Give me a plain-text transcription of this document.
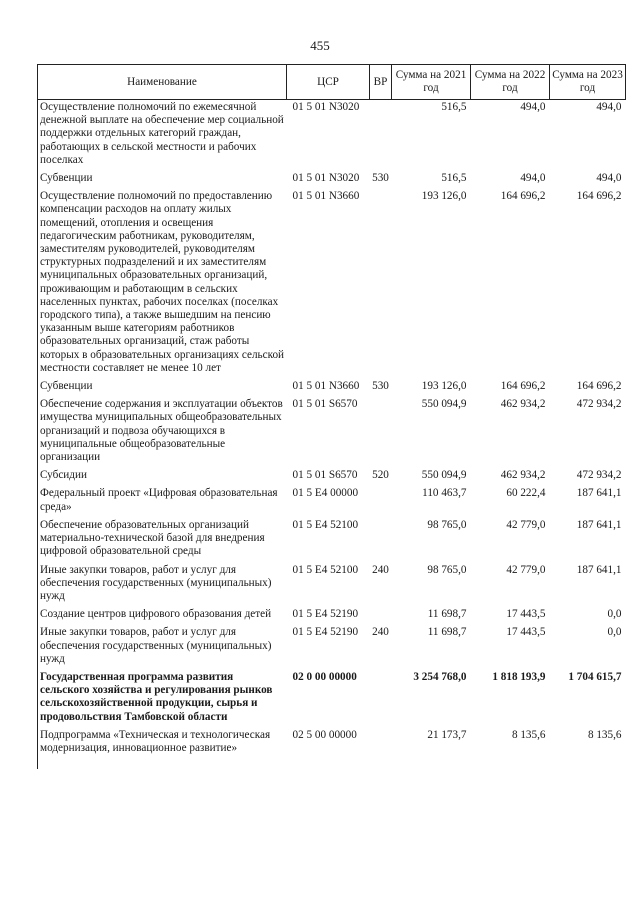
455
Наименование	ЦСР	ВР	Сумма на 2021 год	Сумма на 2022 год	Сумма на 2023 год
Осуществление полномочий по ежемесячной денежной выплате на обеспечение мер социальной поддержки отдельных категорий граждан, работающих в сельской местности и рабочих поселках	01 5 01 N3020		516,5	494,0	494,0
Субвенции	01 5 01 N3020	530	516,5	494,0	494,0
Осуществление полномочий по предоставлению компенсации расходов на оплату жилых помещений, отопления и освещения педагогическим работникам, руководителям, заместителям руководителей, руководителям структурных подразделений и их заместителям муниципальных образовательных организаций, проживающим и работающим в сельских населенных пунктах, рабочих поселках (поселках городского типа), а также вышедшим на пенсию указанным выше категориям работников образовательных организаций, стаж работы которых в образовательных организациях сельской местности составляет не менее 10 лет	01 5 01 N3660		193 126,0	164 696,2	164 696,2
Субвенции	01 5 01 N3660	530	193 126,0	164 696,2	164 696,2
Обеспечение содержания и эксплуатации объектов имущества муниципальных общеобразовательных организаций и подвоза обучающихся в муниципальные общеобразовательные организации	01 5 01 S6570		550 094,9	462 934,2	472 934,2
Субсидии	01 5 01 S6570	520	550 094,9	462 934,2	472 934,2
Федеральный проект «Цифровая образовательная среда»	01 5 E4 00000		110 463,7	60 222,4	187 641,1
Обеспечение образовательных организаций материально-технической базой для внедрения цифровой образовательной среды	01 5 E4 52100		98 765,0	42 779,0	187 641,1
Иные закупки товаров, работ и услуг для обеспечения государственных (муниципальных) нужд	01 5 E4 52100	240	98 765,0	42 779,0	187 641,1
Создание центров цифрового образования детей	01 5 E4 52190		11 698,7	17 443,5	0,0
Иные закупки товаров, работ и услуг для обеспечения государственных (муниципальных) нужд	01 5 E4 52190	240	11 698,7	17 443,5	0,0
Государственная программа развития сельского хозяйства и регулирования рынков сельскохозяйственной продукции, сырья и продовольствия Тамбовской области	02 0 00 00000		3 254 768,0	1 818 193,9	1 704 615,7
Подпрограмма «Техническая и технологическая модернизация, инновационное развитие»	02 5 00 00000		21 173,7	8 135,6	8 135,6
